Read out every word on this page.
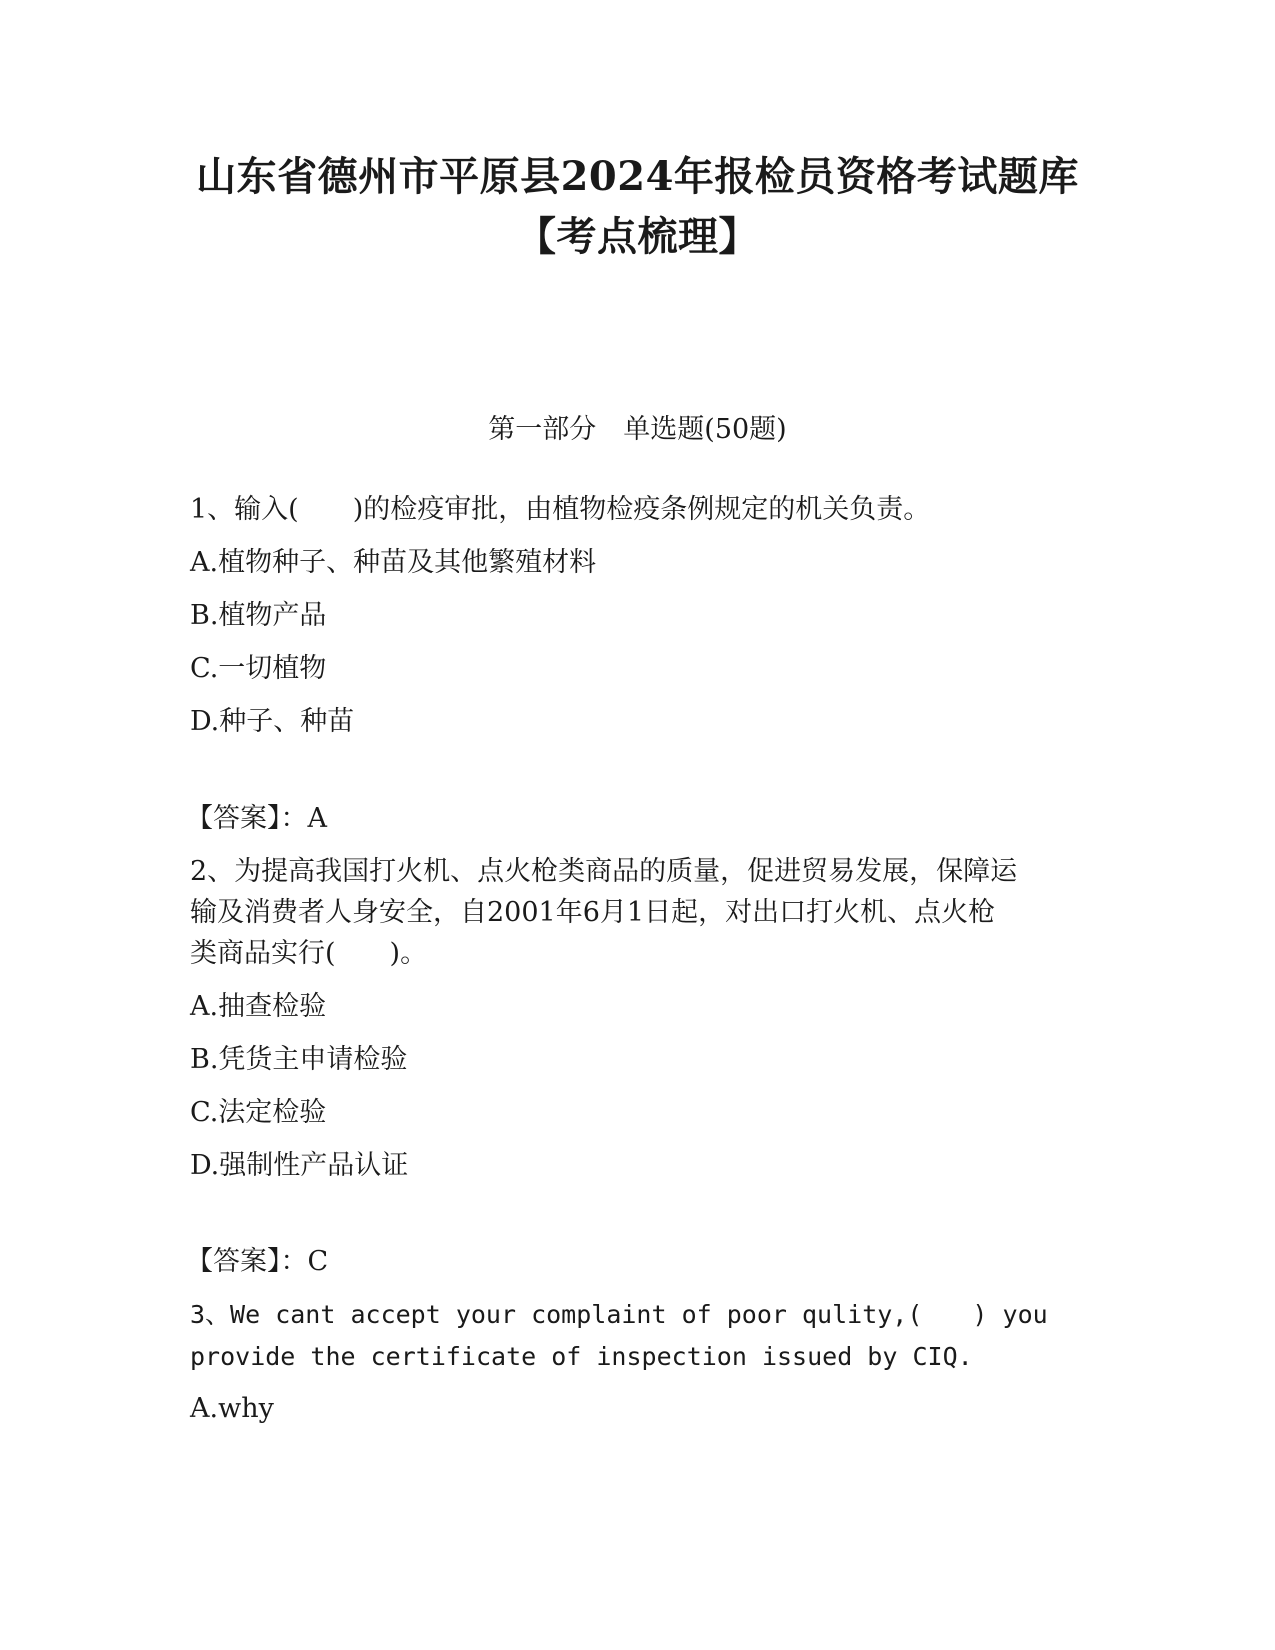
山东省德州市平原县2024年报检员资格考试题库
【考点梳理】
第一部分　单选题(50题)
1、输入(　　)的检疫审批，由植物检疫条例规定的机关负责。
A.植物种子、种苗及其他繁殖材料
B.植物产品
C.一切植物
D.种子、种苗
【答案】：A
2、为提高我国打火机、点火枪类商品的质量，促进贸易发展，保障运
输及消费者人身安全，自2001年6月1日起，对出口打火机、点火枪
类商品实行(　　)。
A.抽查检验
B.凭货主申请检验
C.法定检验
D.强制性产品认证
【答案】：C
3、We cant accept your complaint of poor qulity,(　　) you
provide the certificate of inspection issued by CIQ.
A.why
